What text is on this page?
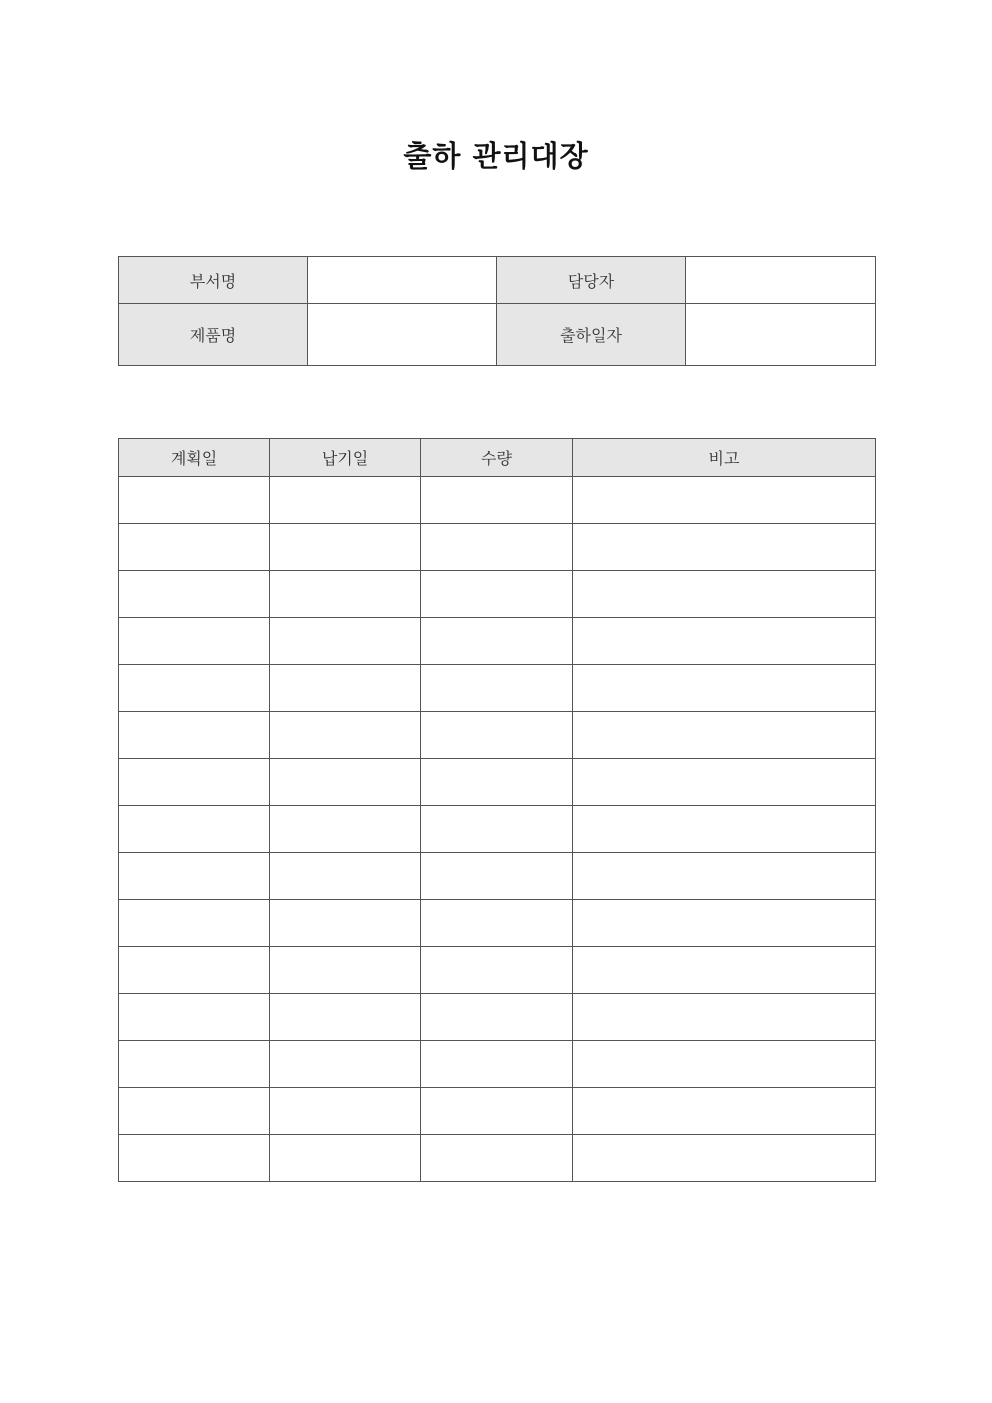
출하 관리대장
부서명		담당자	
제품명		출하일자	
계획일	납기일	수량	비고
